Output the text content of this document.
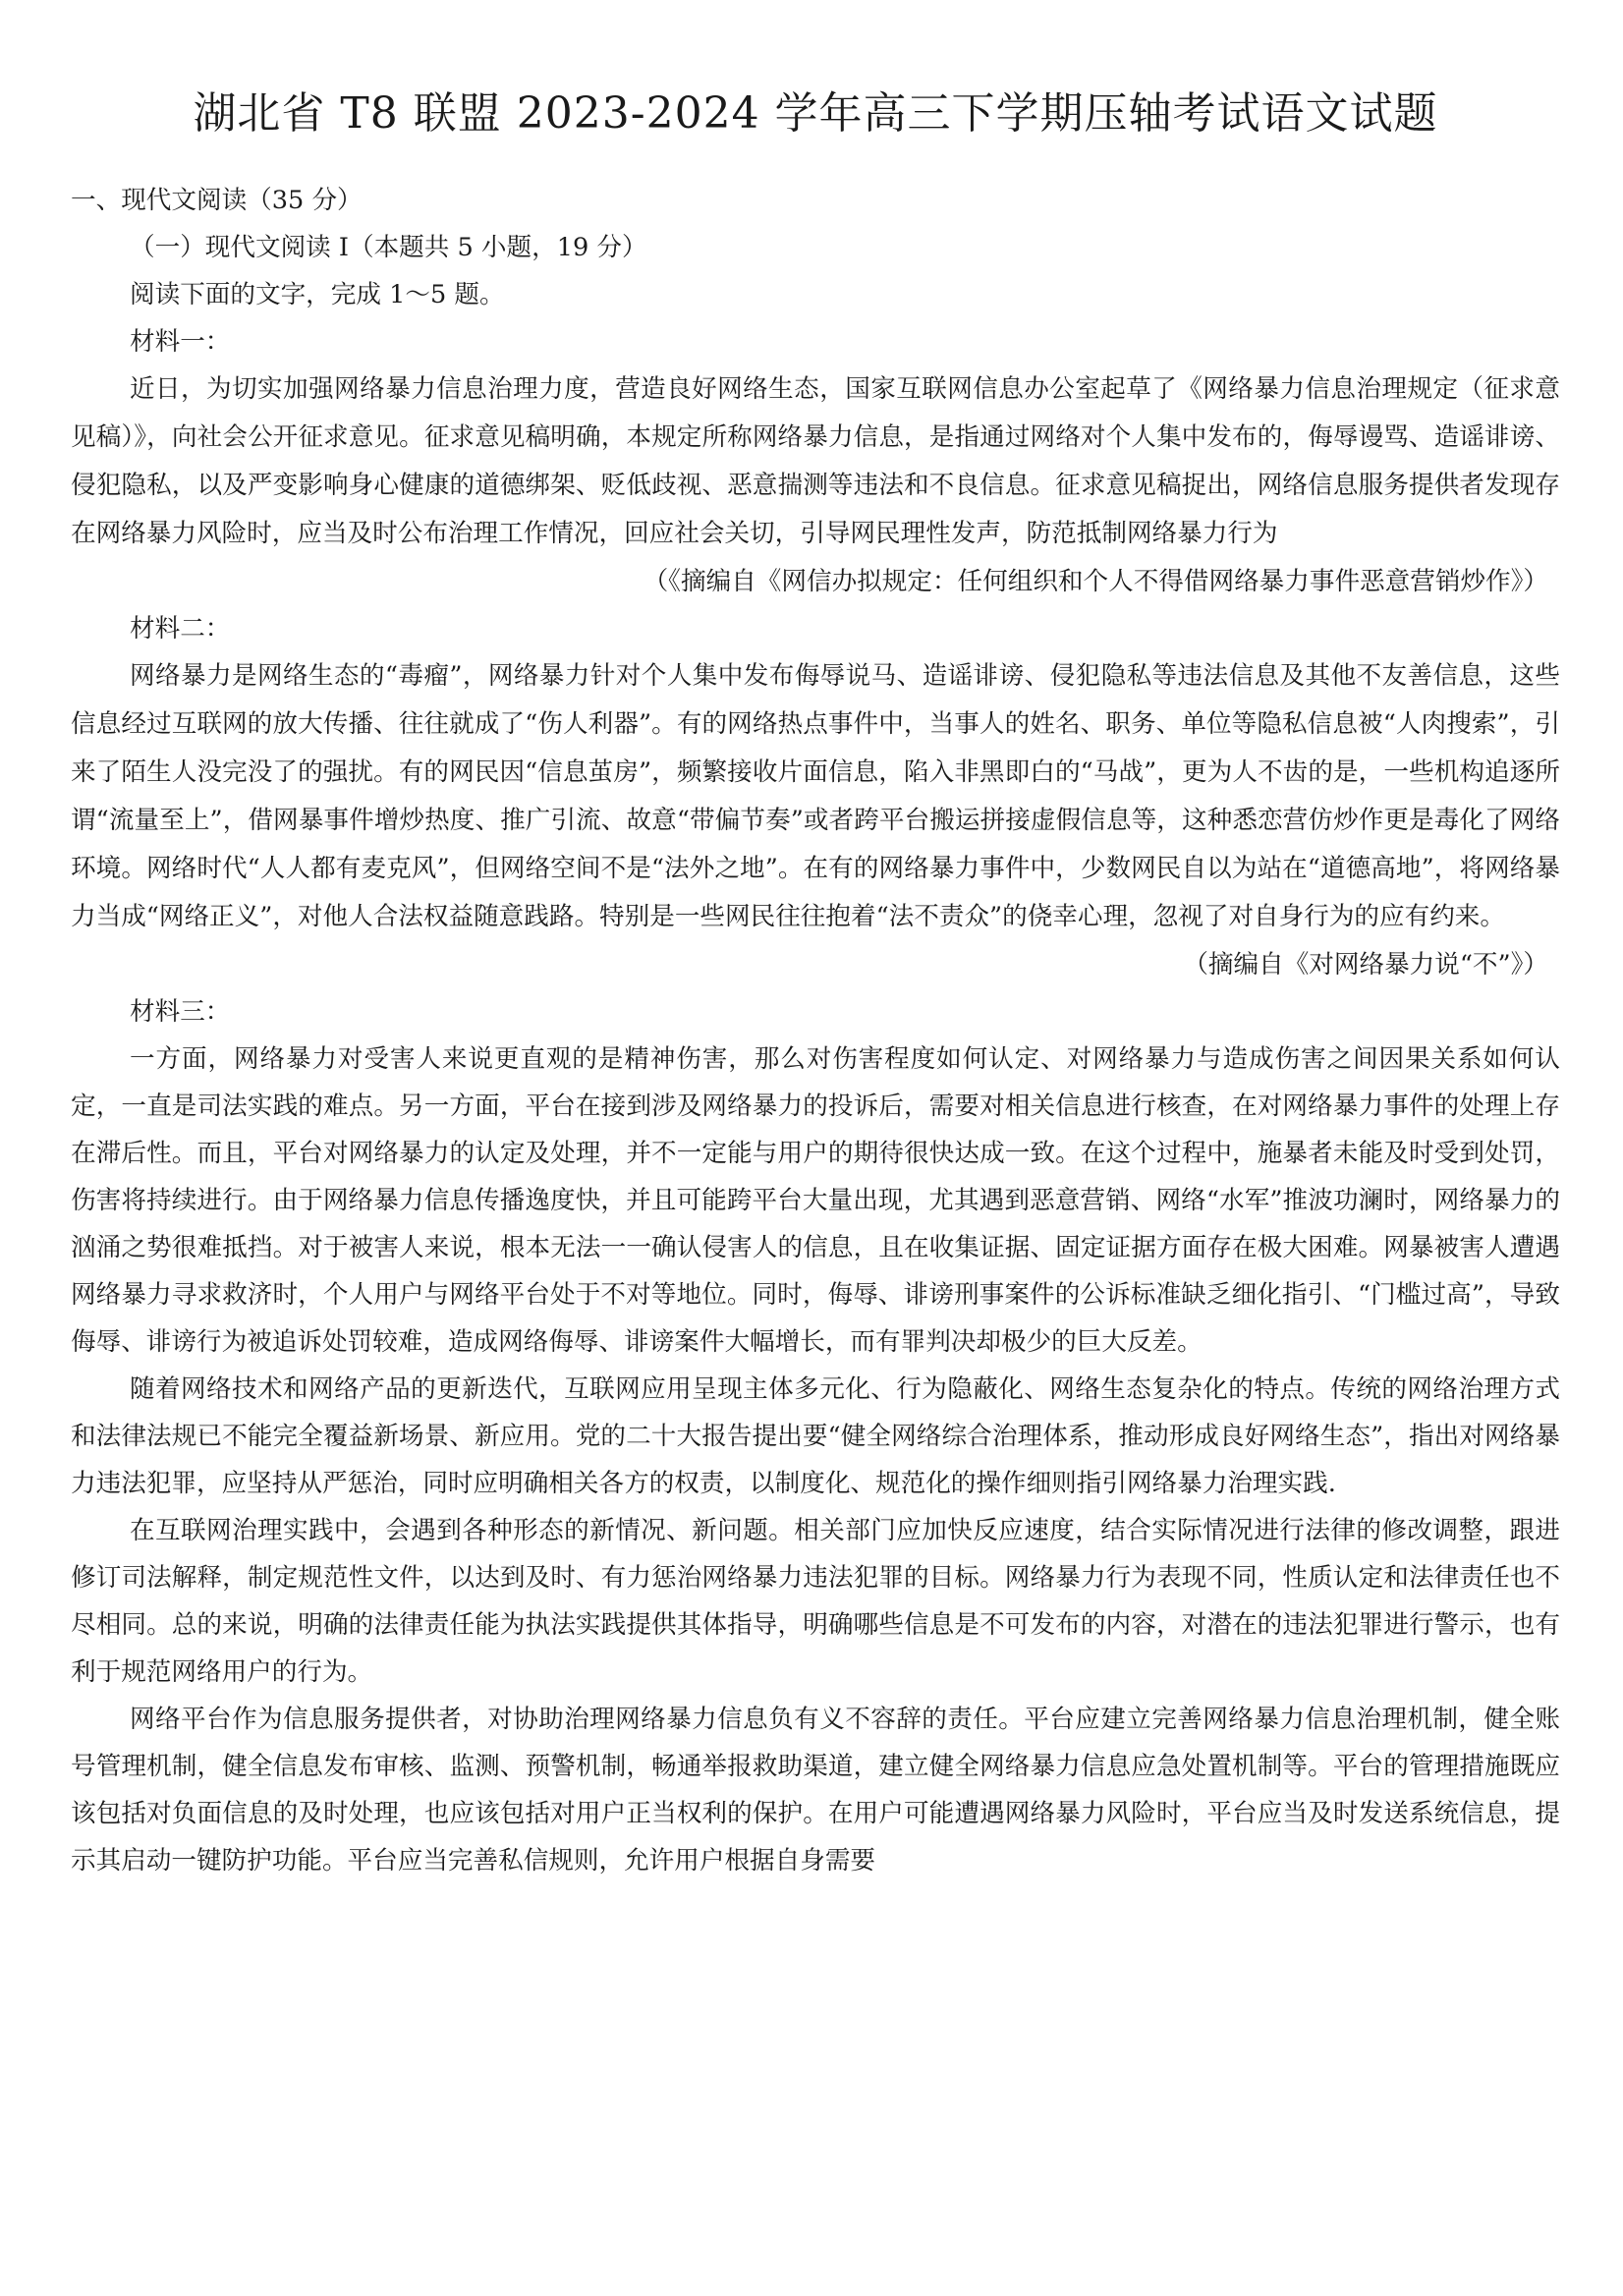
湖北省 T8 联盟 2023-2024 学年高三下学期压轴考试语文试题

一、现代文阅读（35 分）

（一）现代文阅读 I（本题共 5 小题，19 分）

阅读下面的文字，完成 1～5 题。

材料一：

近日，为切实加强网络暴力信息治理力度，营造良好网络生态，国家互联网信息办公室起草了《网络暴力信息治理规定（征求意见稿）》，向社会公开征求意见。征求意见稿明确，本规定所称网络暴力信息，是指通过网络对个人集中发布的，侮辱谩骂、造谣诽谤、侵犯隐私，以及严变影响身心健康的道德绑架、贬低歧视、恶意揣测等违法和不良信息。征求意见稿捉出，网络信息服务提供者发现存在网络暴力风险时，应当及时公布治理工作情况，回应社会关切，引导网民理性发声，防范抵制网络暴力行为

（《摘编自《网信办拟规定：任何组织和个人不得借网络暴力事件恶意营销炒作》）

材料二：

网络暴力是网络生态的“毒瘤”，网络暴力针对个人集中发布侮辱说马、造谣诽谤、侵犯隐私等违法信息及其他不友善信息，这些信息经过互联网的放大传播、往往就成了“伤人利器”。有的网络热点事件中，当事人的姓名、职务、单位等隐私信息被“人肉搜索”，引来了陌生人没完没了的强扰。有的网民因“信息茧房”，频繁接收片面信息，陷入非黑即白的“马战”，更为人不齿的是，一些机构追逐所谓“流量至上”，借网暴事件增炒热度、推广引流、故意“带偏节奏”或者跨平台搬运拼接虚假信息等，这种悉恋营仿炒作更是毒化了网络环境。网络时代“人人都有麦克风”，但网络空间不是“法外之地”。在有的网络暴力事件中，少数网民自以为站在“道德高地”，将网络暴力当成“网络正义”，对他人合法权益随意践路。特别是一些网民往往抱着“法不责众”的侥幸心理，忽视了对自身行为的应有约来。

（摘编自《对网络暴力说“不”》）

材料三：

一方面，网络暴力对受害人来说更直观的是精神伤害，那么对伤害程度如何认定、对网络暴力与造成伤害之间因果关系如何认定，一直是司法实践的难点。另一方面，平台在接到涉及网络暴力的投诉后，需要对相关信息进行核查，在对网络暴力事件的处理上存在滞后性。而且，平台对网络暴力的认定及处理，并不一定能与用户的期待很快达成一致。在这个过程中，施暴者未能及时受到处罚，伤害将持续进行。由于网络暴力信息传播逸度快，并且可能跨平台大量出现，尤其遇到恶意营销、网络“水军”推波功澜时，网络暴力的汹涌之势很难抵挡。对于被害人来说，根本无法一一确认侵害人的信息，且在收集证据、固定证据方面存在极大困难。网暴被害人遭遇网络暴力寻求救济时，个人用户与网络平台处于不对等地位。同时，侮辱、诽谤刑事案件的公诉标准缺乏细化指引、“门槛过高”，导致侮辱、诽谤行为被追诉处罚较难，造成网络侮辱、诽谤案件大幅增长，而有罪判决却极少的巨大反差。

随着网络技术和网络产品的更新迭代，互联网应用呈现主体多元化、行为隐蔽化、网络生态复杂化的特点。传统的网络治理方式和法律法规已不能完全覆益新场景、新应用。党的二十大报告提出要“健全网络综合治理体系，推动形成良好网络生态”，指出对网络暴力违法犯罪，应坚持从严惩治，同时应明确相关各方的权责，以制度化、规范化的操作细则指引网络暴力治理实践.

在互联网治理实践中，会遇到各种形态的新情况、新问题。相关部门应加快反应速度，结合实际情况进行法律的修改调整，跟进修订司法解释，制定规范性文件，以达到及时、有力惩治网络暴力违法犯罪的目标。网络暴力行为表现不同，性质认定和法律责任也不尽相同。总的来说，明确的法律责任能为执法实践提供其体指导，明确哪些信息是不可发布的内容，对潜在的违法犯罪进行警示，也有利于规范网络用户的行为。

网络平台作为信息服务提供者，对协助治理网络暴力信息负有义不容辞的责任。平台应建立完善网络暴力信息治理机制，健全账号管理机制，健全信息发布审核、监测、预警机制，畅通举报救助渠道，建立健全网络暴力信息应急处置机制等。平台的管理措施既应该包括对负面信息的及时处理，也应该包括对用户正当权利的保护。在用户可能遭遇网络暴力风险时，平台应当及时发送系统信息，提示其启动一键防护功能。平台应当完善私信规则，允许用户根据自身需要
